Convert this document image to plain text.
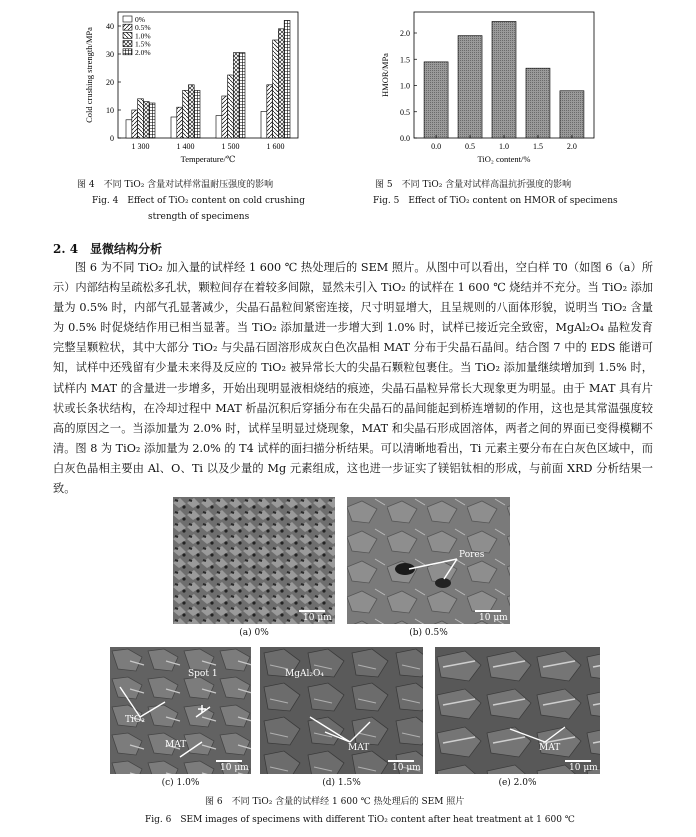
0
10
20
30
40
1 300	1 400	1 500	1 600
Temperature/℃
Cold crushing strength/MPa
0%
0.5%
1.0%
1.5%
2.0%
0.0
0.5
1.0
1.5
2.0
0.0	0.5	1.0	1.5	2.0
TiO₂ content/%
HMOR/MPa
图 4　不同 TiO₂ 含量对试样常温耐压强度的影响
Fig. 4　Effect of TiO₂ content on cold crushing
strength of specimens
图 5　不同 TiO₂ 含量对试样高温抗折强度的影响
Fig. 5　Effect of TiO₂ content on HMOR of specimens
2. 4　显微结构分析

图 6 为不同 TiO₂ 加入量的试样经 1 600 ℃ 热处理后的 SEM 照片。从图中可以看出，空白样 T0（如图 6（a）所示）内部结构呈疏松多孔状，颗粒间存在着较多间隙，显然未引入 TiO₂ 的试样在 1 600 ℃ 烧结并不充分。当 TiO₂ 添加量为 0.5% 时，内部气孔显著减少，尖晶石晶粒间紧密连接，尺寸明显增大，且呈规则的八面体形貌，说明当 TiO₂ 含量为 0.5% 时促烧结作用已相当显著。当 TiO₂ 添加量进一步增大到 1.0% 时，试样已接近完全致密，MgAl₂O₄ 晶粒发育完整呈颗粒状，其中大部分 TiO₂ 与尖晶石固溶形成灰白色次晶相 MAT 分布于尖晶石晶间。结合图 7 中的 EDS 能谱可知，试样中还残留有少量未来得及反应的 TiO₂ 被异常长大的尖晶石颗粒包裹住。当 TiO₂ 添加量继续增加到 1.5% 时，试样内 MAT 的含量进一步增多，开始出现明显液相烧结的痕迹，尖晶石晶粒异常长大现象更为明显。由于 MAT 具有片状或长条状结构，在冷却过程中 MAT 析晶沉积后穿插分布在尖晶石的晶间能起到桥连增韧的作用，这也是其常温强度较高的原因之一。当添加量为 2.0% 时，试样呈明显过烧现象，MAT 和尖晶石形成固溶体，两者之间的界面已变得模糊不清。图 8 为 TiO₂ 添加量为 2.0% 的 T4 试样的面扫描分析结果。可以清晰地看出，Ti 元素主要分布在白灰色区域中，而白灰色晶相主要由 Al、O、Ti 以及少量的 Mg 元素组成，这也进一步证实了镁铝钛相的形成，与前面 XRD 分析结果一致。

10 μm
(a) 0%
Pores
10 μm
(b) 0.5%
Spot 1
TiO₂
MAT
10 μm
(c) 1.0%
MgAl₂O₄
MAT
10 μm
(d) 1.5%
MAT
10 μm
(e) 2.0%
图 6　不同 TiO₂ 含量的试样经 1 600 ℃ 热处理后的 SEM 照片
Fig. 6　SEM images of specimens with different TiO₂ content after heat treatment at 1 600 ℃
